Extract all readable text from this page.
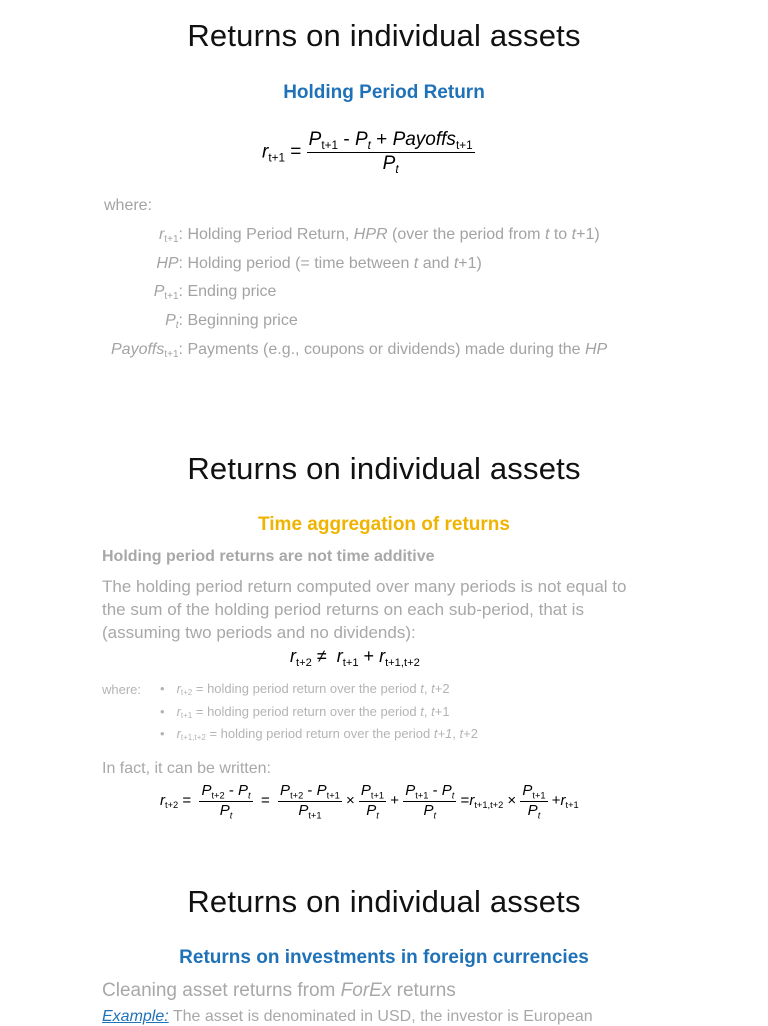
Returns on individual assets
Holding Period Return
$r_{t+1} = \frac{P_{t+1} - P_t + Payoffs_{t+1}}{P_t}$
where:
$r_{t+1}$: Holding Period Return, HPR (over the period from t to t+1)
HP: Holding period (= time between t and t+1)
$P_{t+1}$: Ending price
$P_t$: Beginning price
Payoffs$_{t+1}$: Payments (e.g., coupons or dividends) made during the HP
Returns on individual assets
Time aggregation of returns
Holding period returns are not time additive
The holding period return computed over many periods is not equal to the sum of the holding period returns on each sub-period, that is (assuming two periods and no dividends):
$r_{t+2} \ne r_{t+1} + r_{t+1,t+2}$
where: • $r_{t+2}$ = holding period return over the period t, t+2
• $r_{t+1}$ = holding period return over the period t, t+1
• $r_{t+1,t+2}$ = holding period return over the period t+1, t+2
In fact, it can be written:
$r_{t+2} = \frac{P_{t+2} - P_t}{P_t} = \frac{P_{t+2} - P_{t+1}}{P_{t+1}} \times \frac{P_{t+1}}{P_t} + \frac{P_{t+1} - P_t}{P_t} =r_{t+1,t+2} \times \frac{P_{t+1}}{P_t} +r_{t+1}$
Returns on individual assets
Returns on investments in foreign currencies
Cleaning asset returns from ForEx returns
Example: The asset is denominated in USD, the investor is European
